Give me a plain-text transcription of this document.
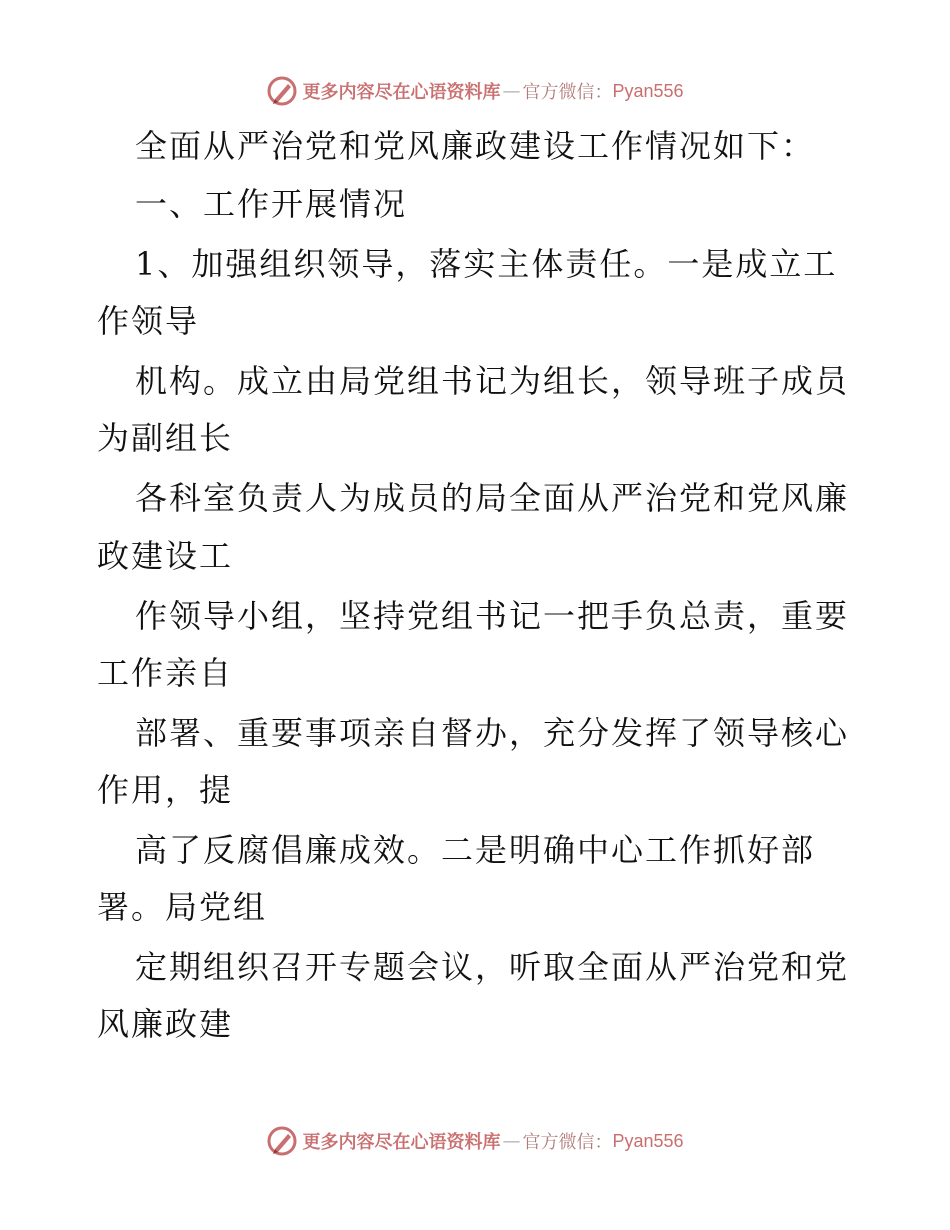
更多内容尽在心语资料库 — 官方微信： Pyan556
全面从严治党和党风廉政建设工作情况如下：
一、工作开展情况
1、加强组织领导，落实主体责任。一是成立工
作领导
机构。成立由局党组书记为组长，领导班子成员
为副组长
各科室负责人为成员的局全面从严治党和党风廉
政建设工
作领导小组，坚持党组书记一把手负总责，重要
工作亲自
部署、重要事项亲自督办，充分发挥了领导核心
作用，提
高了反腐倡廉成效。二是明确中心工作抓好部
署。局党组
定期组织召开专题会议，听取全面从严治党和党
风廉政建
更多内容尽在心语资料库 — 官方微信： Pyan556
